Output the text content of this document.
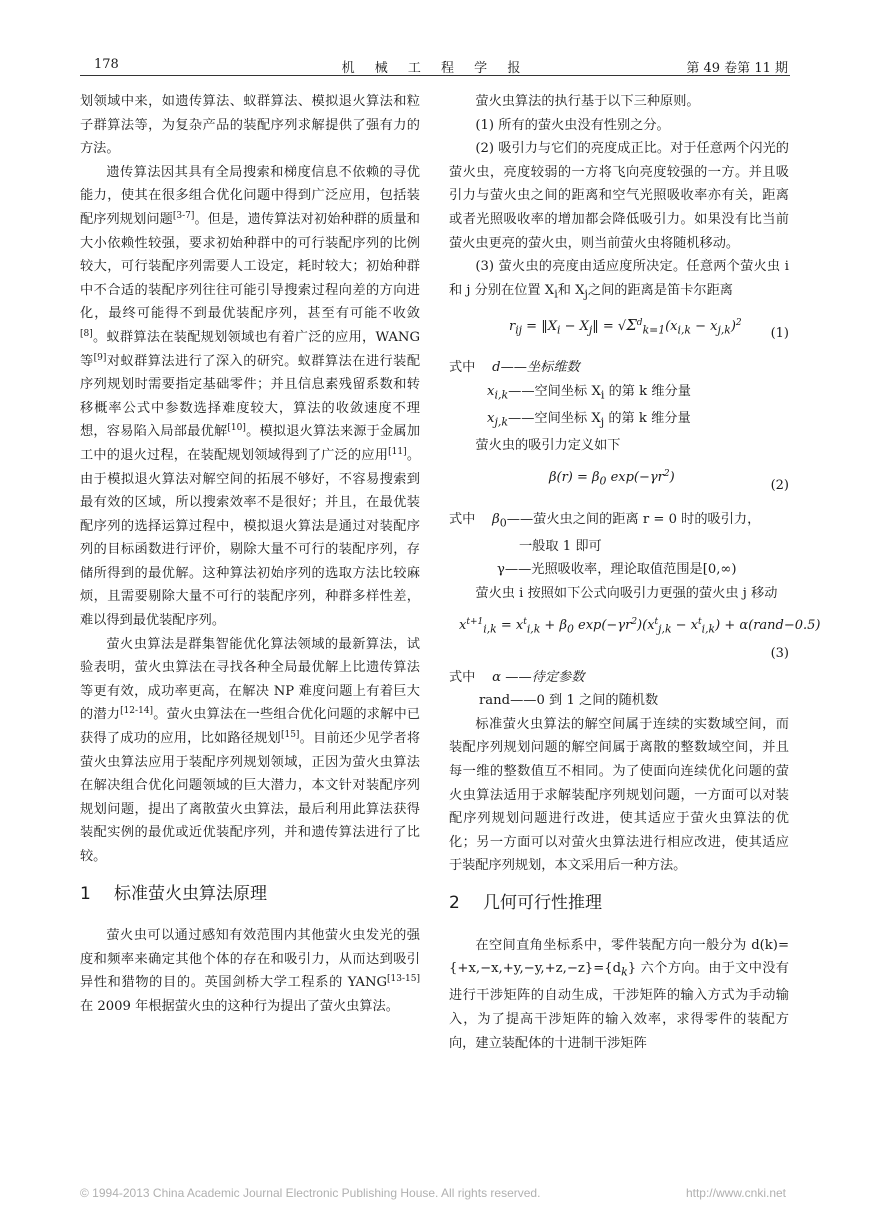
178	机 械 工 程 学 报	第 49 卷第 11 期

划领域中来，如遗传算法、蚁群算法、模拟退火算法和粒子群算法等，为复杂产品的装配序列求解提供了强有力的方法。

遗传算法因其具有全局搜索和梯度信息不依赖的寻优能力，使其在很多组合优化问题中得到广泛应用，包括装配序列规划问题[3-7]。但是，遗传算法对初始种群的质量和大小依赖性较强，要求初始种群中的可行装配序列的比例较大，可行装配序列需要人工设定，耗时较大；初始种群中不合适的装配序列往往可能引导搜索过程向差的方向进化，最终可能得不到最优装配序列，甚至有可能不收敛[8]。蚁群算法在装配规划领域也有着广泛的应用，WANG 等[9]对蚁群算法进行了深入的研究。蚁群算法在进行装配序列规划时需要指定基础零件；并且信息素残留系数和转移概率公式中参数选择难度较大，算法的收敛速度不理想，容易陷入局部最优解[10]。模拟退火算法来源于金属加工中的退火过程，在装配规划领域得到了广泛的应用[11]。由于模拟退火算法对解空间的拓展不够好，不容易搜索到最有效的区域，所以搜索效率不是很好；并且，在最优装配序列的选择运算过程中，模拟退火算法是通过对装配序列的目标函数进行评价，剔除大量不可行的装配序列，存储所得到的最优解。这种算法初始序列的选取方法比较麻烦，且需要剔除大量不可行的装配序列，种群多样性差，难以得到最优装配序列。

萤火虫算法是群集智能优化算法领域的最新算法，试验表明，萤火虫算法在寻找各种全局最优解上比遗传算法等更有效，成功率更高，在解决 NP 难度问题上有着巨大的潜力[12-14]。萤火虫算法在一些组合优化问题的求解中已获得了成功的应用，比如路径规划[15]。目前还少见学者将萤火虫算法应用于装配序列规划领域，正因为萤火虫算法在解决组合优化问题领域的巨大潜力，本文针对装配序列规划问题，提出了离散萤火虫算法，最后利用此算法获得装配实例的最优或近优装配序列，并和遗传算法进行了比较。

1 标准萤火虫算法原理

萤火虫可以通过感知有效范围内其他萤火虫发光的强度和频率来确定其他个体的存在和吸引力，从而达到吸引异性和猎物的目的。英国剑桥大学工程系的 YANG[13-15]在 2009 年根据萤火虫的这种行为提出了萤火虫算法。

萤火虫算法的执行基于以下三种原则。

(1) 所有的萤火虫没有性别之分。

(2) 吸引力与它们的亮度成正比。对于任意两个闪光的萤火虫，亮度较弱的一方将飞向亮度较强的一方。并且吸引力与萤火虫之间的距离和空气光照吸收率亦有关，距离或者光照吸收率的增加都会降低吸引力。如果没有比当前萤火虫更亮的萤火虫，则当前萤火虫将随机移动。

(3) 萤火虫的亮度由适应度所决定。任意两个萤火虫 i 和 j 分别在位置 $X_i$和 $X_j$之间的距离是笛卡尔距离

$r_{ij}$ = $‖X_i$ − $X_j‖ = √\Sigma^d_{k=1}(x_{i,k} - x_{j,k})^2$
(1)
式中 d——坐标维数
$x_{i,k}——$空间坐标 $X_i$ 的第 k 维分量
$x_{j,k}——$空间坐标 $X_j$ 的第 k 维分量

萤火虫的吸引力定义如下

$\beta(r) = \beta_0$ $\exp(-\gamma r^2)$
(2)
式中 $\beta_0——$萤火虫之间的距离 r = 0 时的吸引力，
一般取 1 即可
γ——光照吸收率，理论取值范围是[0,∞)

萤火虫 i 按照如下公式向吸引力更强的萤火虫 j 移动

$x^{t+1}_{i,k} = x^t_{i,k} + \beta_0$ $\exp(-\gamma r^2)(x^t_{j,k} - x^t_{i,k})$ + α(rand−0.5)
(3)
式中 α ——待定参数
rand——0 到 1 之间的随机数

标准萤火虫算法的解空间属于连续的实数域空间，而装配序列规划问题的解空间属于离散的整数域空间，并且每一维的整数值互不相同。为了使面向连续优化问题的萤火虫算法适用于求解装配序列规划问题，一方面可以对装配序列规划问题进行改进，使其适应于萤火虫算法的优化；另一方面可以对萤火虫算法进行相应改进，使其适应于装配序列规划，本文采用后一种方法。

2 几何可行性推理

在空间直角坐标系中，零件装配方向一般分为 $d(k)=\{+x,-x,+y,-y,+z,-z\}=\{d_k\}$ 六个方向。由于文中没有进行干涉矩阵的自动生成，干涉矩阵的输入方式为手动输入，为了提高干涉矩阵的输入效率，求得零件的装配方向，建立装配体的十进制干涉矩阵

© 1994-2013 China Academic Journal Electronic Publishing House. All rights reserved.	http://www.cnki.net
